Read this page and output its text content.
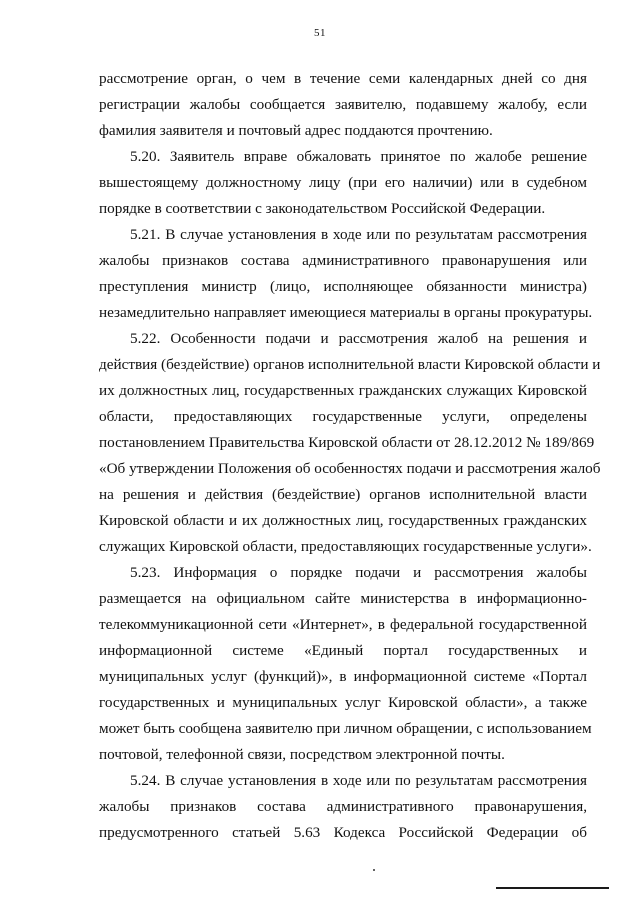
51
рассмотрение орган, о чем в течение семи календарных дней со дня
регистрации жалобы сообщается заявителю, подавшему жалобу, если
фамилия заявителя и почтовый адрес поддаются прочтению.
5.20. Заявитель вправе обжаловать принятое по жалобе решение
вышестоящему должностному лицу (при его наличии) или в судебном
порядке в соответствии с законодательством Российской Федерации.
5.21. В случае установления в ходе или по результатам рассмотрения
жалобы признаков состава административного правонарушения или
преступления министр (лицо, исполняющее обязанности министра)
незамедлительно направляет имеющиеся материалы в органы прокуратуры.
5.22. Особенности подачи и рассмотрения жалоб на решения и
действия (бездействие) органов исполнительной власти Кировской области и
их должностных лиц, государственных гражданских служащих Кировской
области, предоставляющих государственные услуги, определены
постановлением Правительства Кировской области от 28.12.2012 № 189/869
«Об утверждении Положения об особенностях подачи и рассмотрения жалоб
на решения и действия (бездействие) органов исполнительной власти
Кировской области и их должностных лиц, государственных гражданских
служащих Кировской области, предоставляющих государственные услуги».
5.23. Информация о порядке подачи и рассмотрения жалобы
размещается на официальном сайте министерства в информационно-
телекоммуникационной сети «Интернет», в федеральной государственной
информационной системе «Единый портал государственных и
муниципальных услуг (функций)», в информационной системе «Портал
государственных и муниципальных услуг Кировской области», а также
может быть сообщена заявителю при личном обращении, с использованием
почтовой, телефонной связи, посредством электронной почты.
5.24. В случае установления в ходе или по результатам рассмотрения
жалобы признаков состава административного правонарушения,
предусмотренного статьей 5.63 Кодекса Российской Федерации об
